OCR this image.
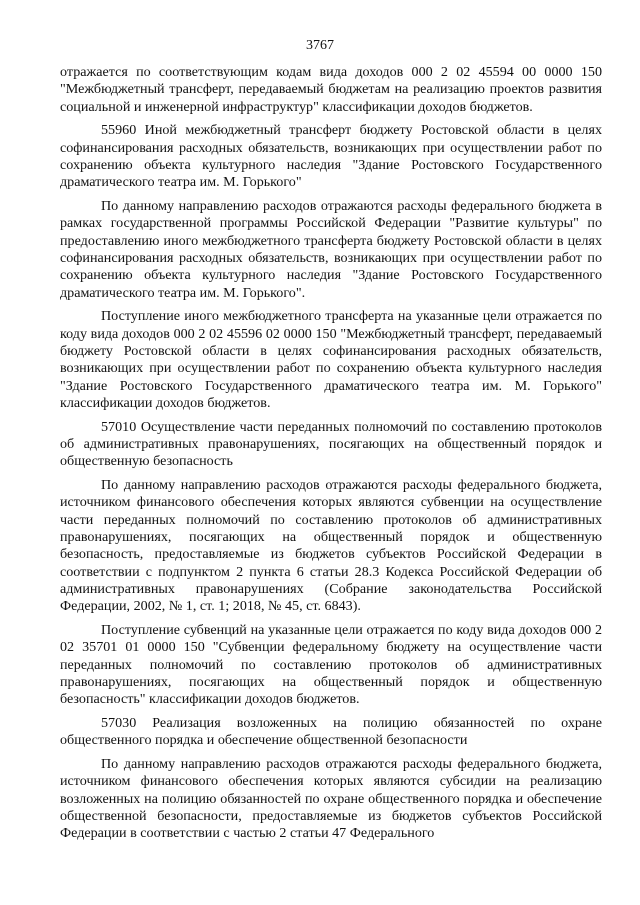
3767

отражается по соответствующим кодам вида доходов 000 2 02 45594 00 0000 150 "Межбюджетный трансферт, передаваемый бюджетам на реализацию проектов развития социальной и инженерной инфраструктур" классификации доходов бюджетов.

55960 Иной межбюджетный трансферт бюджету Ростовской области в целях софинансирования расходных обязательств, возникающих при осуществлении работ по сохранению объекта культурного наследия "Здание Ростовского Государственного драматического театра им. М. Горького"

По данному направлению расходов отражаются расходы федерального бюджета в рамках государственной программы Российской Федерации "Развитие культуры" по предоставлению иного межбюджетного трансферта бюджету Ростовской области в целях софинансирования расходных обязательств, возникающих при осуществлении работ по сохранению объекта культурного наследия "Здание Ростовского Государственного драматического театра им. М. Горького".

Поступление иного межбюджетного трансферта на указанные цели отражается по коду вида доходов 000 2 02 45596 02 0000 150 "Межбюджетный трансферт, передаваемый бюджету Ростовской области в целях софинансирования расходных обязательств, возникающих при осуществлении работ по сохранению объекта культурного наследия "Здание Ростовского Государственного драматического театра им. М. Горького" классификации доходов бюджетов.

57010 Осуществление части переданных полномочий по составлению протоколов об административных правонарушениях, посягающих на общественный порядок и общественную безопасность

По данному направлению расходов отражаются расходы федерального бюджета, источником финансового обеспечения которых являются субвенции на осуществление части переданных полномочий по составлению протоколов об административных правонарушениях, посягающих на общественный порядок и общественную безопасность, предоставляемые из бюджетов субъектов Российской Федерации в соответствии с подпунктом 2 пункта 6 статьи 28.3 Кодекса Российской Федерации об административных правонарушениях (Собрание законодательства Российской Федерации, 2002, № 1, ст. 1; 2018, № 45, ст. 6843).

Поступление субвенций на указанные цели отражается по коду вида доходов 000 2 02 35701 01 0000 150 "Субвенции федеральному бюджету на осуществление части переданных полномочий по составлению протоколов об административных правонарушениях, посягающих на общественный порядок и общественную безопасность" классификации доходов бюджетов.

57030 Реализация возложенных на полицию обязанностей по охране общественного порядка и обеспечение общественной безопасности

По данному направлению расходов отражаются расходы федерального бюджета, источником финансового обеспечения которых являются субсидии на реализацию возложенных на полицию обязанностей по охране общественного порядка и обеспечение общественной безопасности, предоставляемые из бюджетов субъектов Российской Федерации в соответствии с частью 2 статьи 47 Федерального
